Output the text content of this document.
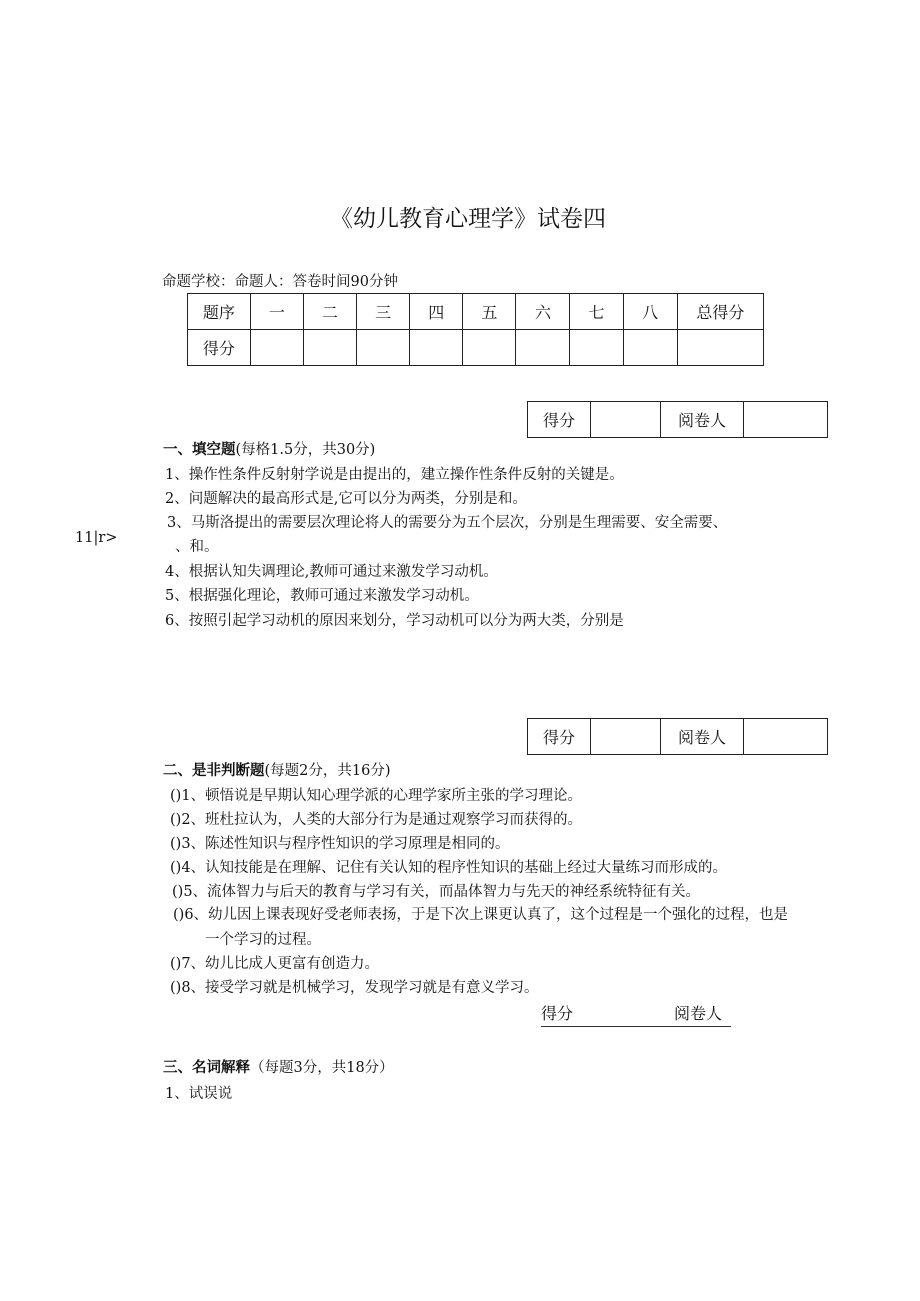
《幼儿教育心理学》试卷四
命题学校：命题人：答卷时间90分钟
题序	一	二	三	四	五	六	七	八	总得分
得分									
得分		阅卷人	
11|r>
一、填空题(每格1.5分，共30分)
得分		阅卷人	
二、是非判断题(每题2分，共16分)
得分	阅卷人
三、名词解释（每题3分，共18分）
1、试误说
1、操作性条件反射射学说是由提出的，建立操作性条件反射的关键是。
2、问题解决的最高形式是,它可以分为两类，分别是和。
3、马斯洛提出的需要层次理论将人的需要分为五个层次，分别是生理需要、安全需要、
、和。
4、根据认知失调理论,教师可通过来激发学习动机。
5、根据强化理论，教师可通过来激发学习动机。
6、按照引起学习动机的原因来划分，学习动机可以分为两大类，分别是
()1、顿悟说是早期认知心理学派的心理学家所主张的学习理论。
()2、班杜拉认为，人类的大部分行为是通过观察学习而获得的。
()3、陈述性知识与程序性知识的学习原理是相同的。
()4、认知技能是在理解、记住有关认知的程序性知识的基础上经过大量练习而形成的。
()5、流体智力与后天的教育与学习有关，而晶体智力与先天的神经系统特征有关。
()6、幼儿因上课表现好受老师表扬，于是下次上课更认真了，这个过程是一个强化的过程，也是
一个学习的过程。
()7、幼儿比成人更富有创造力。
()8、接受学习就是机械学习，发现学习就是有意义学习。
